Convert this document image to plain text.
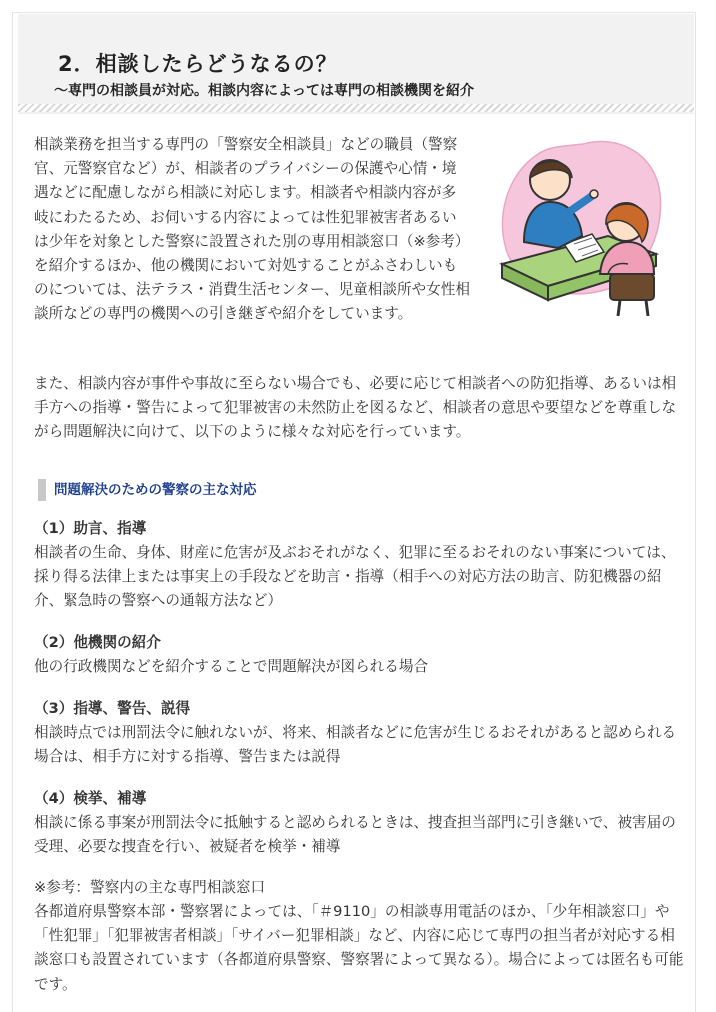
2．相談したらどうなるの？

～専門の相談員が対応。相談内容によっては専門の相談機関を紹介

相談業務を担当する専門の「警察安全相談員」などの職員（警察官、元警察官など）が、相談者のプライバシーの保護や心情・境遇などに配慮しながら相談に対応します。相談者や相談内容が多岐にわたるため、お伺いする内容によっては性犯罪被害者あるいは少年を対象とした警察に設置された別の専用相談窓口（※参考）を紹介するほか、他の機関において対処することがふさわしいものについては、法テラス・消費生活センター、児童相談所や女性相談所などの専門の機関への引き継ぎや紹介をしています。

また、相談内容が事件や事故に至らない場合でも、必要に応じて相談者への防犯指導、あるいは相手方への指導・警告によって犯罪被害の未然防止を図るなど、相談者の意思や要望などを尊重しながら問題解決に向けて、以下のように様々な対応を行っています。

問題解決のための警察の主な対応

（1）助言、指導

相談者の生命、身体、財産に危害が及ぶおそれがなく、犯罪に至るおそれのない事案については、採り得る法律上または事実上の手段などを助言・指導（相手への対応方法の助言、防犯機器の紹介、緊急時の警察への通報方法など）

（2）他機関の紹介

他の行政機関などを紹介することで問題解決が図られる場合

（3）指導、警告、説得

相談時点では刑罰法令に触れないが、将来、相談者などに危害が生じるおそれがあると認められる場合は、相手方に対する指導、警告または説得

（4）検挙、補導

相談に係る事案が刑罰法令に抵触すると認められるときは、捜査担当部門に引き継いで、被害届の受理、必要な捜査を行い、被疑者を検挙・補導

※参考：警察内の主な専門相談窓口

各都道府県警察本部・警察署によっては、「＃9110」の相談専用電話のほか、「少年相談窓口」や「性犯罪」「犯罪被害者相談」「サイバー犯罪相談」など、内容に応じて専門の担当者が対応する相談窓口も設置されています（各都道府県警察、警察署によって異なる）。場合によっては匿名も可能です。
